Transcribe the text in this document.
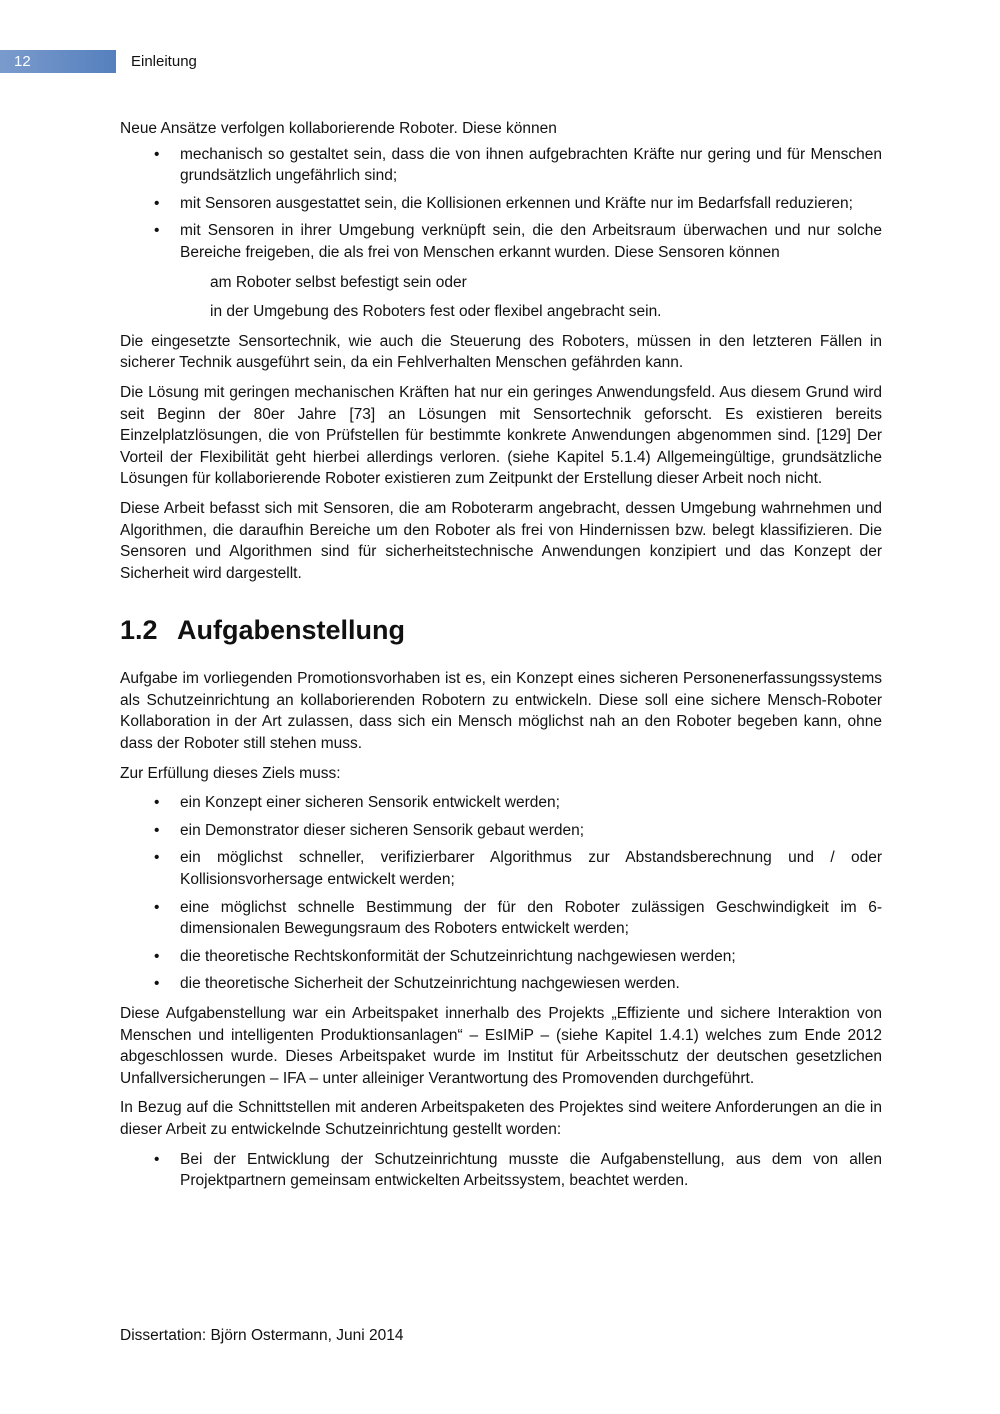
12	Einleitung

Neue Ansätze verfolgen kollaborierende Roboter. Diese können

• mechanisch so gestaltet sein, dass die von ihnen aufgebrachten Kräfte nur gering und für Menschen grundsätzlich ungefährlich sind;
• mit Sensoren ausgestattet sein, die Kollisionen erkennen und Kräfte nur im Bedarfsfall reduzieren;
• mit Sensoren in ihrer Umgebung verknüpft sein, die den Arbeitsraum überwachen und nur solche Bereiche freigeben, die als frei von Menschen erkannt wurden. Diese Sensoren können
am Roboter selbst befestigt sein oder
in der Umgebung des Roboters fest oder flexibel angebracht sein.

Die eingesetzte Sensortechnik, wie auch die Steuerung des Roboters, müssen in den letzteren Fällen in sicherer Technik ausgeführt sein, da ein Fehlverhalten Menschen gefährden kann.

Die Lösung mit geringen mechanischen Kräften hat nur ein geringes Anwendungsfeld. Aus diesem Grund wird seit Beginn der 80er Jahre [73] an Lösungen mit Sensortechnik geforscht. Es existieren bereits Einzelplatzlösungen, die von Prüfstellen für bestimmte konkrete Anwendungen abgenommen sind. [129] Der Vorteil der Flexibilität geht hierbei allerdings verloren. (siehe Kapitel 5.1.4) Allgemeingültige, grundsätzliche Lösungen für kollaborierende Roboter existieren zum Zeitpunkt der Erstellung dieser Arbeit noch nicht.

Diese Arbeit befasst sich mit Sensoren, die am Roboterarm angebracht, dessen Umgebung wahrnehmen und Algorithmen, die daraufhin Bereiche um den Roboter als frei von Hindernissen bzw. belegt klassifizieren. Die Sensoren und Algorithmen sind für sicherheitstechnische Anwendungen konzipiert und das Konzept der Sicherheit wird dargestellt.

1.2 Aufgabenstellung

Aufgabe im vorliegenden Promotionsvorhaben ist es, ein Konzept eines sicheren Personenerfassungssystems als Schutzeinrichtung an kollaborierenden Robotern zu entwickeln. Diese soll eine sichere Mensch-Roboter Kollaboration in der Art zulassen, dass sich ein Mensch möglichst nah an den Roboter begeben kann, ohne dass der Roboter still stehen muss.

Zur Erfüllung dieses Ziels muss:

• ein Konzept einer sicheren Sensorik entwickelt werden;
• ein Demonstrator dieser sicheren Sensorik gebaut werden;
• ein möglichst schneller, verifizierbarer Algorithmus zur Abstandsberechnung und / oder Kollisionsvorhersage entwickelt werden;
• eine möglichst schnelle Bestimmung der für den Roboter zulässigen Geschwindigkeit im 6-dimensionalen Bewegungsraum des Roboters entwickelt werden;
• die theoretische Rechtskonformität der Schutzeinrichtung nachgewiesen werden;
• die theoretische Sicherheit der Schutzeinrichtung nachgewiesen werden.

Diese Aufgabenstellung war ein Arbeitspaket innerhalb des Projekts „Effiziente und sichere Interaktion von Menschen und intelligenten Produktionsanlagen“ – EsIMiP – (siehe Kapitel 1.4.1) welches zum Ende 2012 abgeschlossen wurde. Dieses Arbeitspaket wurde im Institut für Arbeitsschutz der deutschen gesetzlichen Unfallversicherungen – IFA – unter alleiniger Verantwortung des Promovenden durchgeführt.

In Bezug auf die Schnittstellen mit anderen Arbeitspaketen des Projektes sind weitere Anforderungen an die in dieser Arbeit zu entwickelnde Schutzeinrichtung gestellt worden:

• Bei der Entwicklung der Schutzeinrichtung musste die Aufgabenstellung, aus dem von allen Projektpartnern gemeinsam entwickelten Arbeitssystem, beachtet werden.
Dissertation: Björn Ostermann, Juni 2014
